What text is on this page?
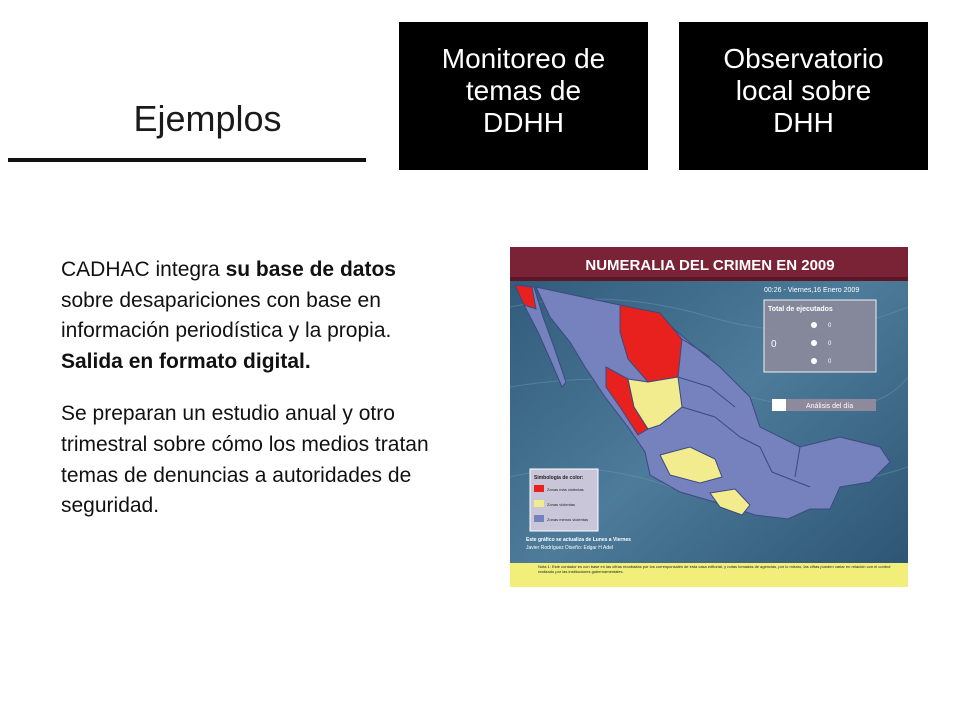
Ejemplos
Monitoreo de
temas de
DDHH
Observatorio
local sobre
DHH

CADHAC integra su base de datos sobre desapariciones con base en información periodística y la propia. Salida en formato digital.

Se preparan un estudio anual y otro trimestral sobre cómo los medios tratan temas de denuncias a autoridades de seguridad.

NUMERALIA DEL CRIMEN EN 2009
00:26 - Viernes,16 Enero 2009
Total de ejecutados
0
0
0
0
Análisis del día
Simbología de color:
Zonas más violentas
Zonas violentas
Zonas menos violentas
Este gráfico se actualiza de Lunes a Viernes
Javier Rodríguez Diseño: Edgar H Adel
Nota 1: Este contador es con base en las cifras recabadas por los corresponsales de esta casa editorial, y notas tomadas de agencias, por lo mismo, las cifras pueden variar en relación con el control realizado por las instituciones gubernamentales.
